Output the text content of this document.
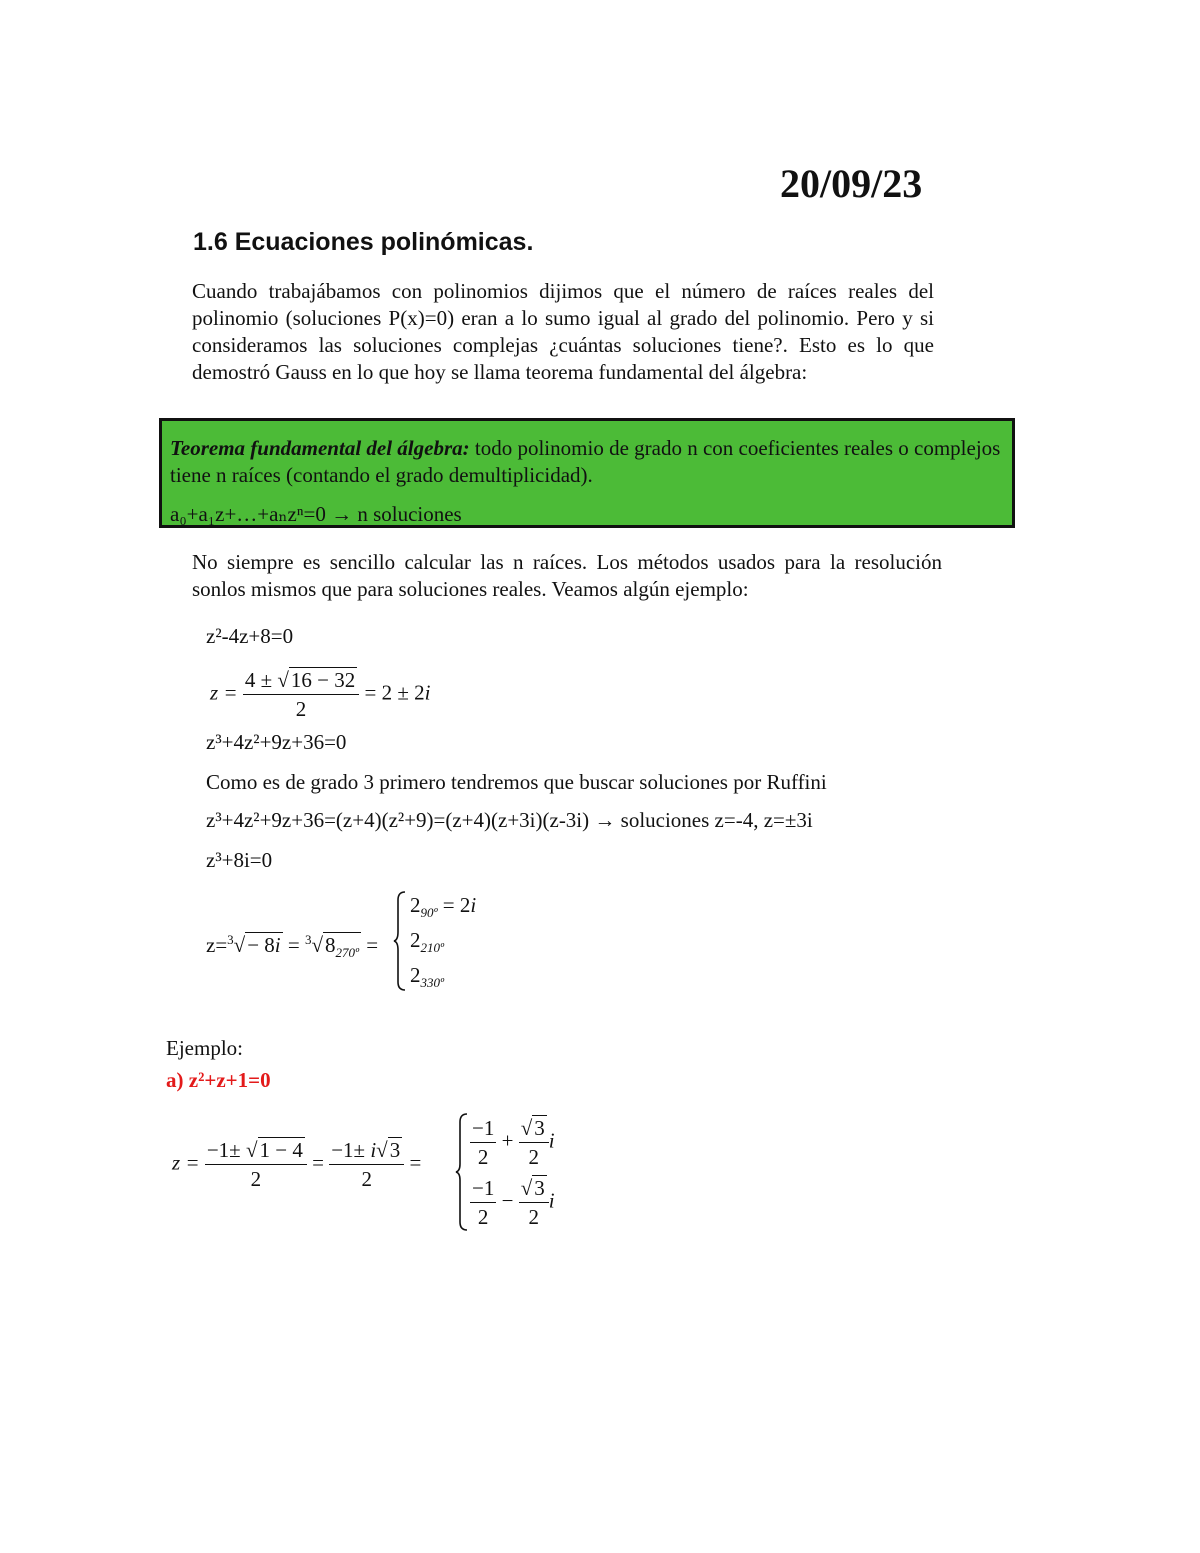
20/09/23
1.6 Ecuaciones polinómicas.
Cuando trabajábamos con polinomios dijimos que el número de raíces reales del polinomio (soluciones P(x)=0) eran a lo sumo igual al grado del polinomio. Pero y si consideramos las soluciones complejas ¿cuántas soluciones tiene?. Esto es lo que demostró Gauss en lo que hoy se llama teorema fundamental del álgebra:
Teorema fundamental del álgebra: todo polinomio de grado n con coeficientes reales o complejos tiene n raíces (contando el grado demultiplicidad).
a₀+a₁z+…+aₙzⁿ=0 → n soluciones
No siempre es sencillo calcular las n raíces. Los métodos usados para la resolución sonlos mismos que para soluciones reales. Veamos algún ejemplo:
z²-4z+8=0
$z = \frac{4 \pm √16 - 32}{2} = 2 \pm 2i$
z³+4z²+9z+36=0
Como es de grado 3 primero tendremos que buscar soluciones por Ruffini
z³+4z²+9z+36=(z+4)(z²+9)=(z+4)(z+3i)(z-3i) → soluciones z=-4, z=±3i
z³+8i=0
$z=^3√- 8i = ^3√8_{270º}$ =
$2_{90º} = 2i$
$2_{210º}$
$2_{330º}$
Ejemplo:
a) z²+z+1=0
$z = \frac{-1\pm √1 - 4}{2} = \frac{-1\pm i√3}{2} = \frac{-1}{2} + \frac{√3}{2}$ i
$\frac{-1}{2} - \frac{√3}{2}$ i
